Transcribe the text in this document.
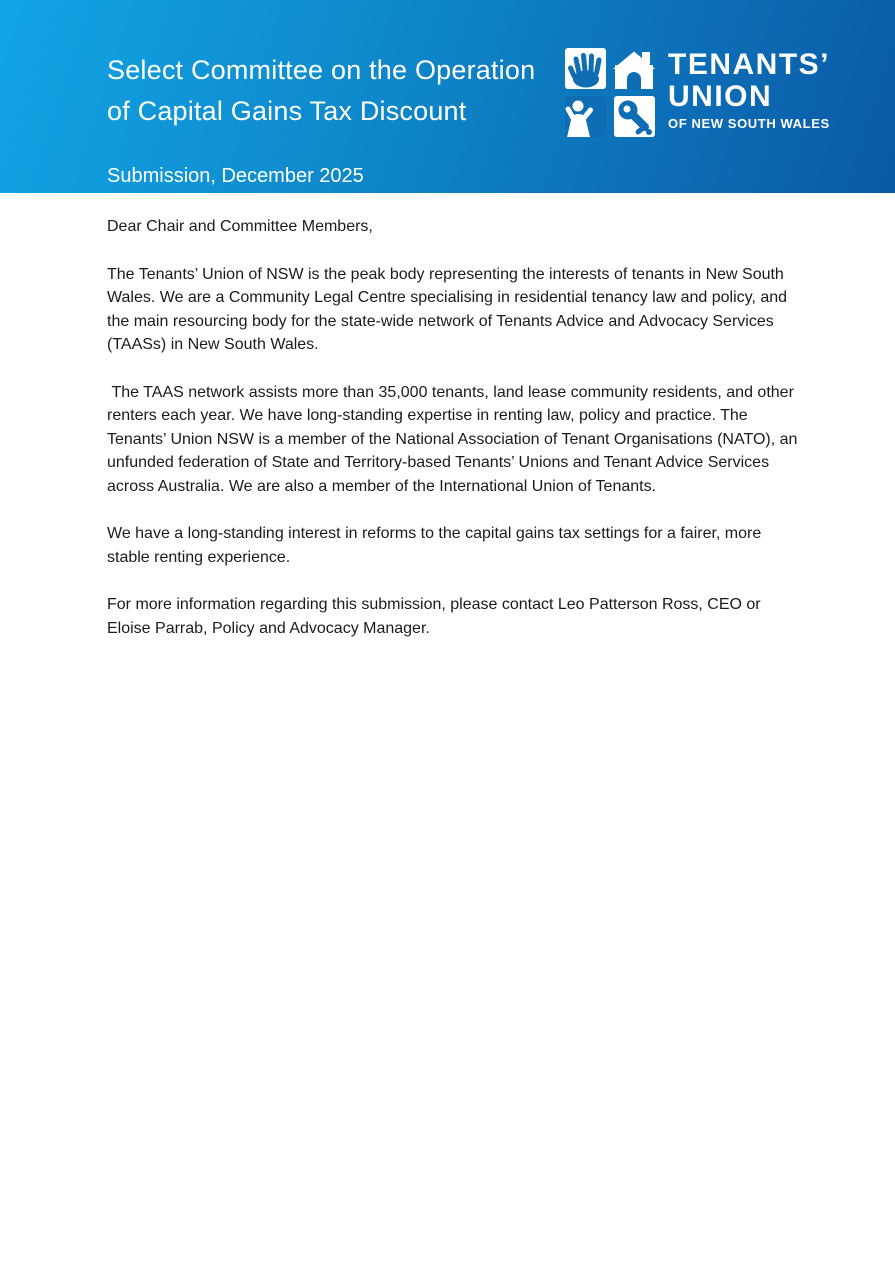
Select Committee on the Operation
of Capital Gains Tax Discount
Submission, December 2025
TENANTS’
UNION
OF NEW SOUTH WALES

Dear Chair and Committee Members,

The Tenants’ Union of NSW is the peak body representing the interests of tenants in New South Wales. We are a Community Legal Centre specialising in residential tenancy law and policy, and the main resourcing body for the state-wide network of Tenants Advice and Advocacy Services (TAASs) in New South Wales.

The TAAS network assists more than 35,000 tenants, land lease community residents, and other renters each year. We have long-standing expertise in renting law, policy and practice. The Tenants’ Union NSW is a member of the National Association of Tenant Organisations (NATO), an unfunded federation of State and Territory-based Tenants’ Unions and Tenant Advice Services across Australia. We are also a member of the International Union of Tenants.

We have a long-standing interest in reforms to the capital gains tax settings for a fairer, more stable renting experience.

For more information regarding this submission, please contact Leo Patterson Ross, CEO or Eloise Parrab, Policy and Advocacy Manager.
